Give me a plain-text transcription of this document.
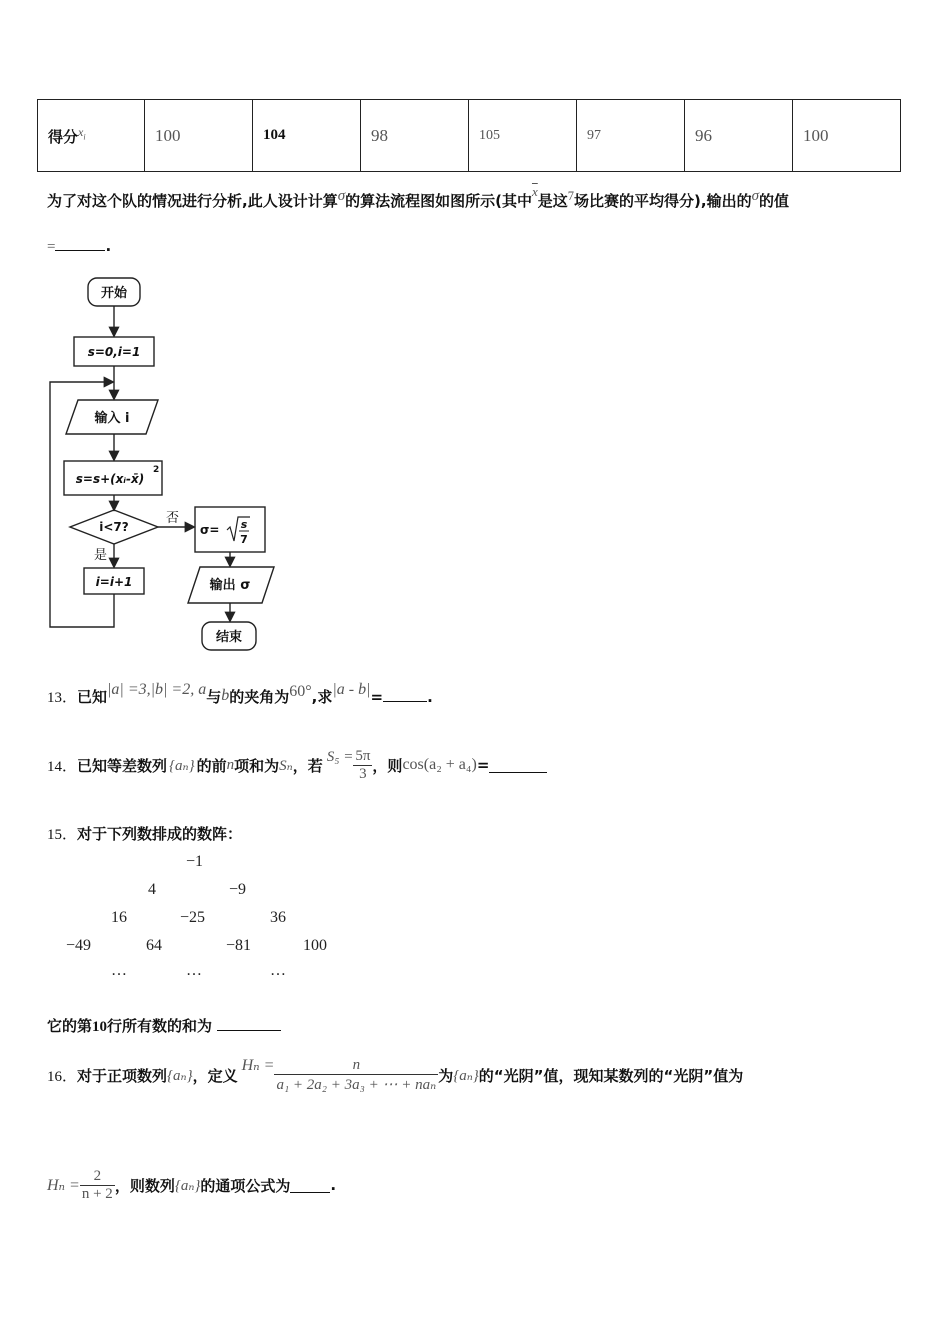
得分$^{x_i}$	100	104	98	105	97	96	100
为了对这个队的情况进行分析,此人设计计算$^\sigma$的算法流程图如图所示(其中$\overline{x}$是这$^7$场比赛的平均得分),输出的$^\sigma$的值
=	.
开始
s=0,i=1
输入 i
s=s+(xᵢ-x̄)
2
i<7?
否
是
i=i+1
σ= s
7
输出 σ
结束
13．已知|a| =3,|b| =2, a与b的夹角为60°,求|a - b|=	.
14． 已知等差数列 {aₙ} 的前 n 项和为 Sₙ ，若 $S_5 = \frac{5\pi}{3}$ ，则 cos(a₂ + a₄) =
15．对于下列数排成的数阵：
−1
4	−9
16	−25	36
−49	64	−81	100
…	…	…
它的第10行所有数的和为
16． 对于正项数列 {aₙ} ，定义
$H_n = \frac{n}{\text{a₁ + 2a₂ + 3a₃ + ⋯ + naₙ}}$ 为 {aₙ} 的“光阴”值，现知某数列的“光阴”值为
$H_n = \frac{2}{n + 2}$ ，则数列 {aₙ} 的通项公式为	.
